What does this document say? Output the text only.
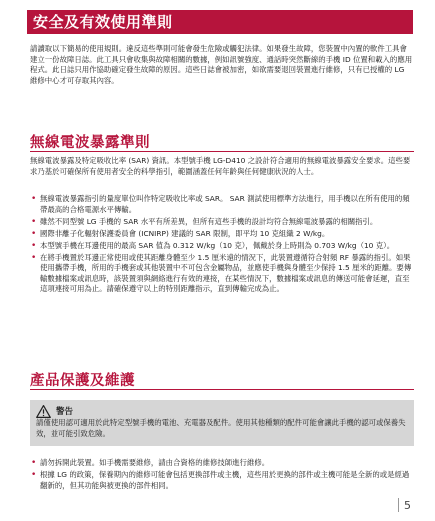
安全及有效使用準則

請讀取以下簡易的使用規則。違反這些準則可能會發生危險或觸犯法律。如果發生故障，您裝置中內置的軟件工具會建立一份故障日誌。此工具只會收集與故障相關的數據，例如訊號強度、通話時突然斷線的手機 ID 位置和載入的應用程式。此日誌只用作協助確定發生故障的原因。這些日誌會被加密，如欲需要退回裝置進行維修，只有已授權的 LG 維修中心才可存取其內容。

無線電波暴露準則

無線電波暴露及特定吸收比率 (SAR) 資訊。本型號手機 LG-D410 之設計符合適用的無線電波暴露安全要求。這些要求乃基於可確保所有使用者安全的科學指引，範圍涵蓋任何年齡與任何健康狀況的人士。

• 無線電波暴露指引的量度單位叫作特定吸收比率或 SAR。 SAR 測試使用標準方法進行，用手機以在所有使用的頻帶最高的合格電源水平傳輸。
• 雖然不同型號 LG 手機的 SAR 水平有所差異，但所有這些手機的設計均符合無線電波暴露的相關指引。
• 國際非離子化輻射保護委員會 (ICNIRP) 建議的 SAR 限制，即平均 10 克組織 2 W/kg。
• 本型號手機在耳邊使用的最高 SAR 值為 0.312 W/kg（10 克），佩戴於身上時則為 0.703 W/kg（10 克）。
• 在將手機置於耳邊正常使用或使其距離身體至少 1.5 厘米遠的情況下，此裝置遵循符合射頻 RF 暴露的指引。如果使用攜帶手機，所用的手機套或其他裝置中不可包含金屬物品，並應使手機與身體至少保持 1.5 厘米的距離。要傳輸數據檔案或訊息時，該裝置須與網絡進行有效的連接，在某些情況下，數據檔案或訊息的傳送可能會延遲，直至這項連接可用為止。請確保遵守以上的特別距離指示，直到傳輸完成為止。
產品保護及維護
警告

請僅使用認可適用於此特定型號手機的電池、充電器及配件。使用其他種類的配件可能會讓此手機的認可或保養失效，並可能引致危險。

• 請勿拆開此裝置。如手機需要維修，請由合資格的維修技師進行維修。
• 根據 LG 的政策，保養期內的維修可能會包括更換部件或主機，這些用於更換的部件或主機可能是全新的或是經過翻新的，但其功能與被更換的部件相同。
5
